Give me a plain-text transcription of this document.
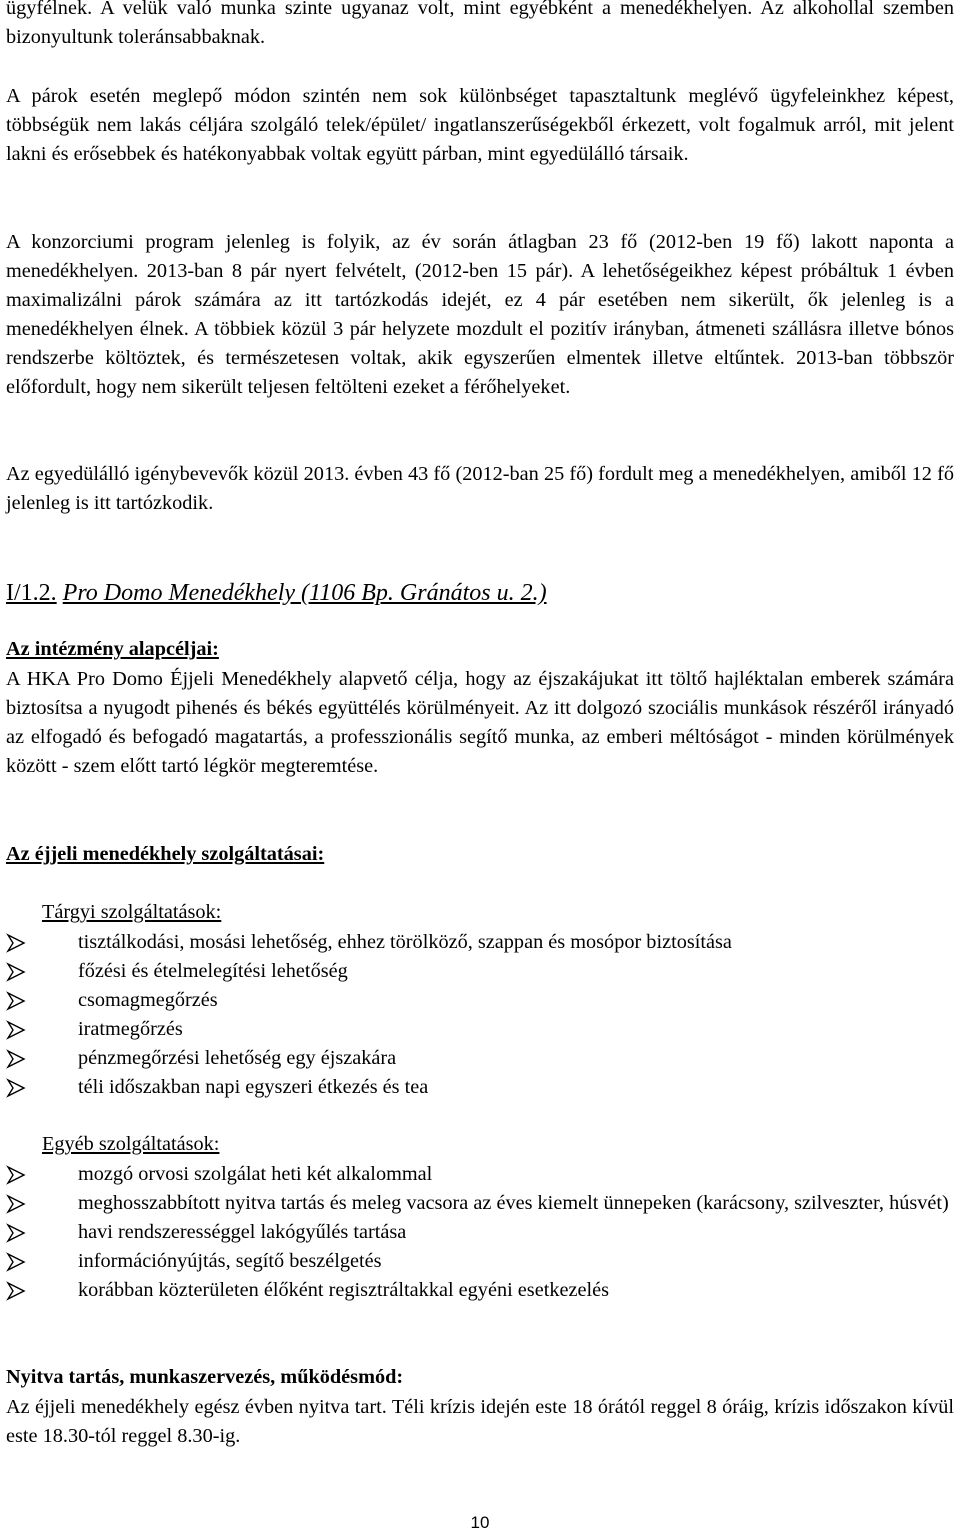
ügyfélnek. A velük való munka szinte ugyanaz volt, mint egyébként a menedékhelyen. Az alkohollal szemben bizonyultunk toleránsabbaknak.

A párok esetén meglepő módon szintén nem sok különbséget tapasztaltunk meglévő ügyfeleinkhez képest, többségük nem lakás céljára szolgáló telek/épület/ ingatlanszerűségekből érkezett, volt fogalmuk arról, mit jelent lakni és erősebbek és hatékonyabbak voltak együtt párban, mint egyedülálló társaik.

A konzorciumi program jelenleg is folyik, az év során átlagban 23 fő (2012-ben 19 fő) lakott naponta a menedékhelyen. 2013-ban 8 pár nyert felvételt, (2012-ben 15 pár). A lehetőségeikhez képest próbáltuk 1 évben maximalizálni párok számára az itt tartózkodás idejét, ez 4 pár esetében nem sikerült, ők jelenleg is a menedékhelyen élnek. A többiek közül 3 pár helyzete mozdult el pozitív irányban, átmeneti szállásra illetve bónos rendszerbe költöztek, és természetesen voltak, akik egyszerűen elmentek illetve eltűntek. 2013-ban többször előfordult, hogy nem sikerült teljesen feltölteni ezeket a férőhelyeket.

Az egyedülálló igénybevevők közül 2013. évben 43 fő (2012-ban 25 fő) fordult meg a menedékhelyen, amiből 12 fő jelenleg is itt tartózkodik.

I/1.2. Pro Domo Menedékhely (1106 Bp. Gránátos u. 2.)
Az intézmény alapcéljai:

A HKA Pro Domo Éjjeli Menedékhely alapvető célja, hogy az éjszakájukat itt töltő hajléktalan emberek számára biztosítsa a nyugodt pihenés és békés együttélés körülményeit. Az itt dolgozó szociális munkások részéről irányadó az elfogadó és befogadó magatartás, a professzionális segítő munka, az emberi méltóságot - minden körülmények között - szem előtt tartó légkör megteremtése.

Az éjjeli menedékhely szolgáltatásai:
Tárgyi szolgáltatások:
tisztálkodási, mosási lehetőség, ehhez törölköző, szappan és mosópor biztosítása
főzési és ételmelegítési lehetőség
csomagmegőrzés
iratmegőrzés
pénzmegőrzési lehetőség egy éjszakára
téli időszakban napi egyszeri étkezés és tea
Egyéb szolgáltatások:
mozgó orvosi szolgálat heti két alkalommal
meghosszabbított nyitva tartás és meleg vacsora az éves kiemelt ünnepeken (karácsony, szilveszter, húsvét)
havi rendszerességgel lakógyűlés tartása
információnyújtás, segítő beszélgetés
korábban közterületen élőként regisztráltakkal egyéni esetkezelés
Nyitva tartás, munkaszervezés, működésmód:

Az éjjeli menedékhely egész évben nyitva tart. Téli krízis idején este 18 órától reggel 8 óráig, krízis időszakon kívül este 18.30-tól reggel 8.30-ig.

10
